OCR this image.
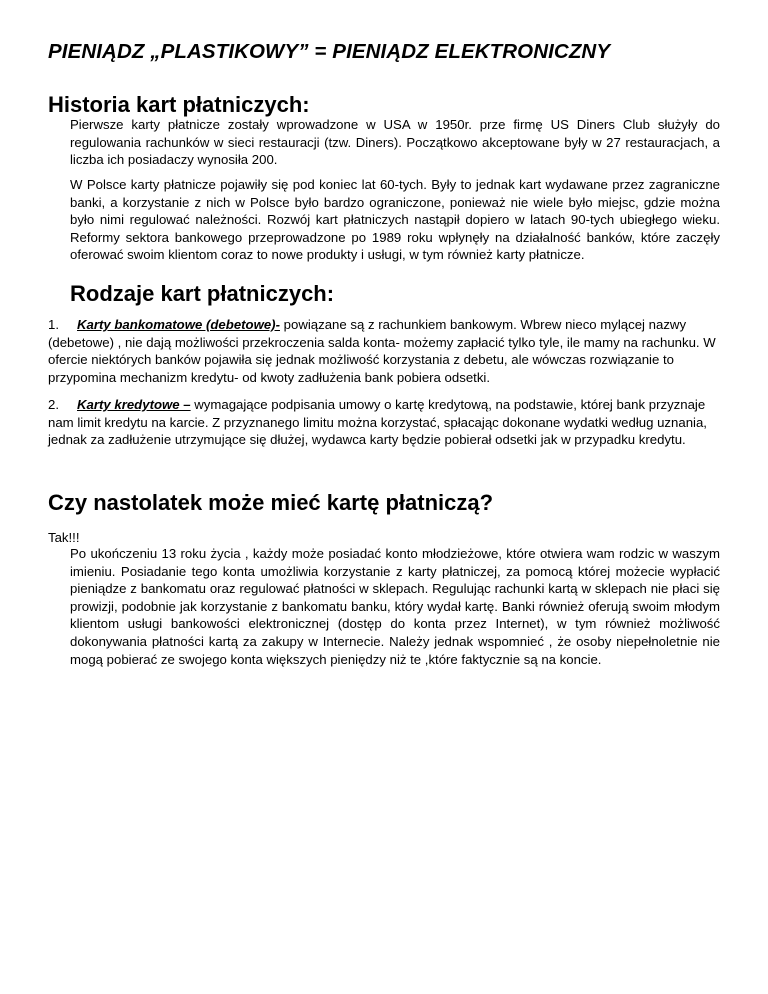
PIENIĄDZ „PLASTIKOWY” = PIENIĄDZ ELEKTRONICZNY
Historia kart płatniczych:

Pierwsze karty płatnicze zostały wprowadzone w USA w 1950r. prze firmę US Diners Club służyły do regulowania rachunków w sieci restauracji (tzw. Diners). Początkowo akceptowane były w 27 restauracjach, a liczba ich posiadaczy wynosiła 200.

W Polsce karty płatnicze pojawiły się pod koniec lat 60-tych. Były to jednak kart wydawane przez zagraniczne banki, a korzystanie z nich w Polsce było bardzo ograniczone, ponieważ nie wiele było miejsc, gdzie można było nimi regulować należności. Rozwój kart płatniczych nastąpił dopiero w latach 90-tych ubiegłego wieku. Reformy sektora bankowego przeprowadzone po 1989 roku wpłynęły na działalność banków, które zaczęły oferować swoim klientom coraz to nowe produkty i usługi, w tym również karty płatnicze.

Rodzaje kart płatniczych:

1. Karty bankomatowe (debetowe)- powiązane są z rachunkiem bankowym. Wbrew nieco mylącej nazwy (debetowe) , nie dają możliwości przekroczenia salda konta- możemy zapłacić tylko tyle, ile mamy na rachunku. W ofercie niektórych banków pojawiła się jednak możliwość korzystania z debetu, ale wówczas rozwiązanie to przypomina mechanizm kredytu- od kwoty zadłużenia bank pobiera odsetki.

2. Karty kredytowe – wymagające podpisania umowy o kartę kredytową, na podstawie, której bank przyznaje nam limit kredytu na karcie. Z przyznanego limitu można korzystać, spłacając dokonane wydatki według uznania, jednak za zadłużenie utrzymujące się dłużej, wydawca karty będzie pobierał odsetki jak w przypadku kredytu.

Czy nastolatek może mieć kartę płatniczą?

Tak!!!

Po ukończeniu 13 roku życia , każdy może posiadać konto młodzieżowe, które otwiera wam rodzic w waszym imieniu. Posiadanie tego konta umożliwia korzystanie z karty płatniczej, za pomocą której możecie wypłacić pieniądze z bankomatu oraz regulować płatności w sklepach. Regulując rachunki kartą w sklepach nie płaci się prowizji, podobnie jak korzystanie z bankomatu banku, który wydał kartę. Banki również oferują swoim młodym klientom usługi bankowości elektronicznej (dostęp do konta przez Internet), w tym również możliwość dokonywania płatności kartą za zakupy w Internecie. Należy jednak wspomnieć , że osoby niepełnoletnie nie mogą pobierać ze swojego konta większych pieniędzy niż te ,które faktycznie są na koncie.
